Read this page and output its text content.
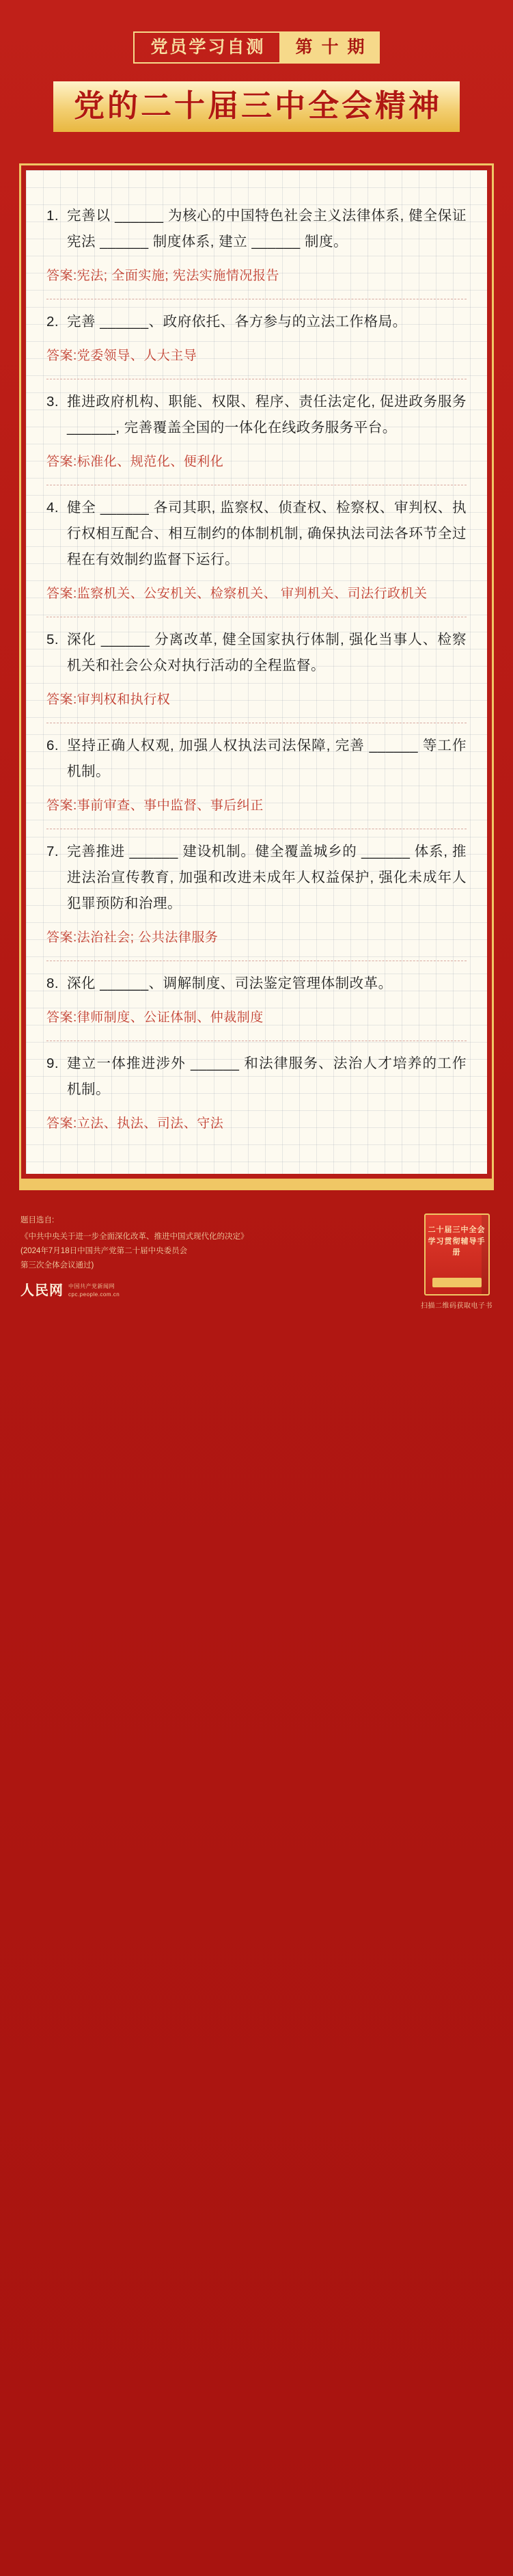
党员学习自测	第 十 期
党的二十届三中全会精神
1. 完善以 ______ 为核心的中国特色社会主义法律体系, 健全保证宪法 ______ 制度体系, 建立 ______ 制度。
答案: 宪法; 全面实施; 宪法实施情况报告
2. 完善 ______、政府依托、各方参与的立法工作格局。
答案: 党委领导、人大主导
3. 推进政府机构、职能、权限、程序、责任法定化, 促进政务服务 ______, 完善覆盖全国的一体化在线政务服务平台。
答案: 标准化、规范化、便利化
4. 健全 ______ 各司其职, 监察权、侦查权、检察权、审判权、执行权相互配合、相互制约的体制机制, 确保执法司法各环节全过程在有效制约监督下运行。
答案: 监察机关、公安机关、检察机关、 审判机关、司法行政机关
5. 深化 ______ 分离改革, 健全国家执行体制, 强化当事人、检察机关和社会公众对执行活动的全程监督。
答案: 审判权和执行权
6. 坚持正确人权观, 加强人权执法司法保障, 完善 ______ 等工作机制。
答案: 事前审查、事中监督、事后纠正
7. 完善推进 ______ 建设机制。健全覆盖城乡的 ______ 体系, 推进法治宣传教育, 加强和改进未成年人权益保护, 强化未成年人犯罪预防和治理。
答案: 法治社会; 公共法律服务
8. 深化 ______、调解制度、司法鉴定管理体制改革。
答案: 律师制度、公证体制、仲裁制度
9. 建立一体推进涉外 ______ 和法律服务、法治人才培养的工作机制。
答案: 立法、执法、司法、守法
题目选自:
《中共中央关于进一步全面深化改革、推进中国式现代化的决定》
(2024年7月18日中国共产党第二十届中央委员会
第三次全体会议通过)
人民网 中国共产党新闻网
cpc.people.com.cn
二十届三中全会 学习贯彻辅导手册
扫描二维码获取电子书
